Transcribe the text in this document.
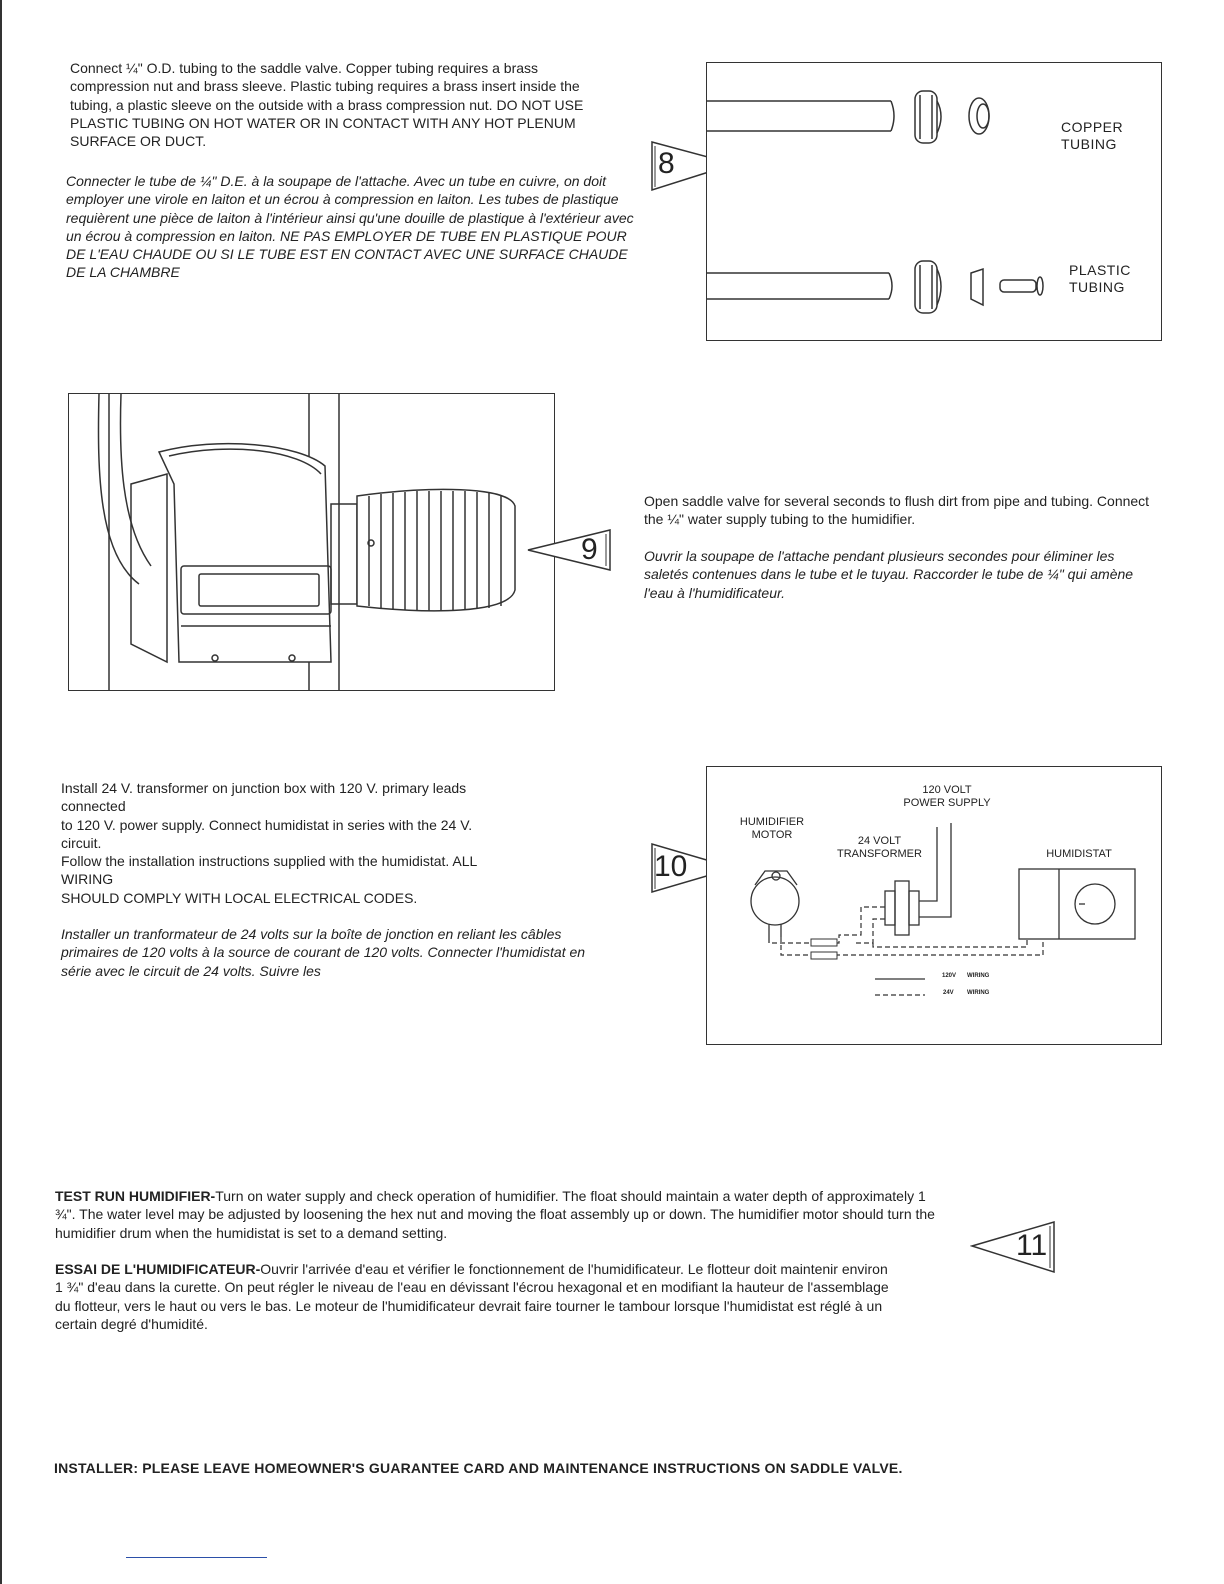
Connect ¼" O.D. tubing to the saddle valve. Copper tubing requires a brass compression nut and brass sleeve. Plastic tubing requires a brass insert inside the tubing, a plastic sleeve on the outside with a brass compression nut. DO NOT USE PLASTIC TUBING ON HOT WATER OR IN CONTACT WITH ANY HOT PLENUM SURFACE OR DUCT.
Connecter le tube de ¼" D.E. à la soupape de l'attache. Avec un tube en cuivre, on doit employer une virole en laiton et un écrou à compression en laiton. Les tubes de plastique requièrent une pièce de laiton à l'intérieur ainsi qu'une douille de plastique à l'extérieur avec un écrou à compression en laiton. NE PAS EMPLOYER DE TUBE EN PLASTIQUE POUR DE L'EAU CHAUDE OU SI LE TUBE EST EN CONTACT AVEC UNE SURFACE CHAUDE DE LA CHAMBRE
8
COPPER
TUBING
PLASTIC
TUBING
9
Open saddle valve for several seconds to flush dirt from pipe and tubing. Connect the ¼" water supply tubing to the humidifier.
Ouvrir la soupape de l'attache pendant plusieurs secondes pour éliminer les saletés contenues dans le tube et le tuyau. Raccorder le tube de ¼" qui amène l'eau à l'humidificateur.

Install 24 V. transformer on junction box with 120 V. primary leads

connected

to 120 V. power supply. Connect humidistat in series with the 24 V.

circuit.

Follow the installation instructions supplied with the humidistat. ALL

WIRING

SHOULD COMPLY WITH LOCAL ELECTRICAL CODES.

Installer un tranformateur de 24 volts sur la boîte de jonction en reliant les câbles primaires de 120 volts à la source de courant de 120 volts. Connecter l'humidistat en série avec le circuit de 24 volts. Suivre les
10
120 VOLT
POWER SUPPLY
HUMIDIFIER
MOTOR	24 VOLT
TRANSFORMER	HUMIDISTAT
120V WIRING
24V WIRING
TEST RUN HUMIDIFIER-Turn on water supply and check operation of humidifier. The float should maintain a water depth of approximately 1 ¾". The water level may be adjusted by loosening the hex nut and moving the float assembly up or down. The humidifier motor should turn the humidifier drum when the humidistat is set to a demand setting.
ESSAI DE L'HUMIDIFICATEUR-Ouvrir l'arrivée d'eau et vérifier le fonctionnement de l'humidificateur. Le flotteur doit maintenir environ 1 ¾" d'eau dans la curette. On peut régler le niveau de l'eau en dévissant l'écrou hexagonal et en modifiant la hauteur de l'assemblage du flotteur, vers le haut ou vers le bas. Le moteur de l'humidificateur devrait faire tourner le tambour lorsque l'humidistat est réglé à un certain degré d'humidité.
11
INSTALLER: PLEASE LEAVE HOMEOWNER'S GUARANTEE CARD AND MAINTENANCE INSTRUCTIONS ON SADDLE VALVE.
